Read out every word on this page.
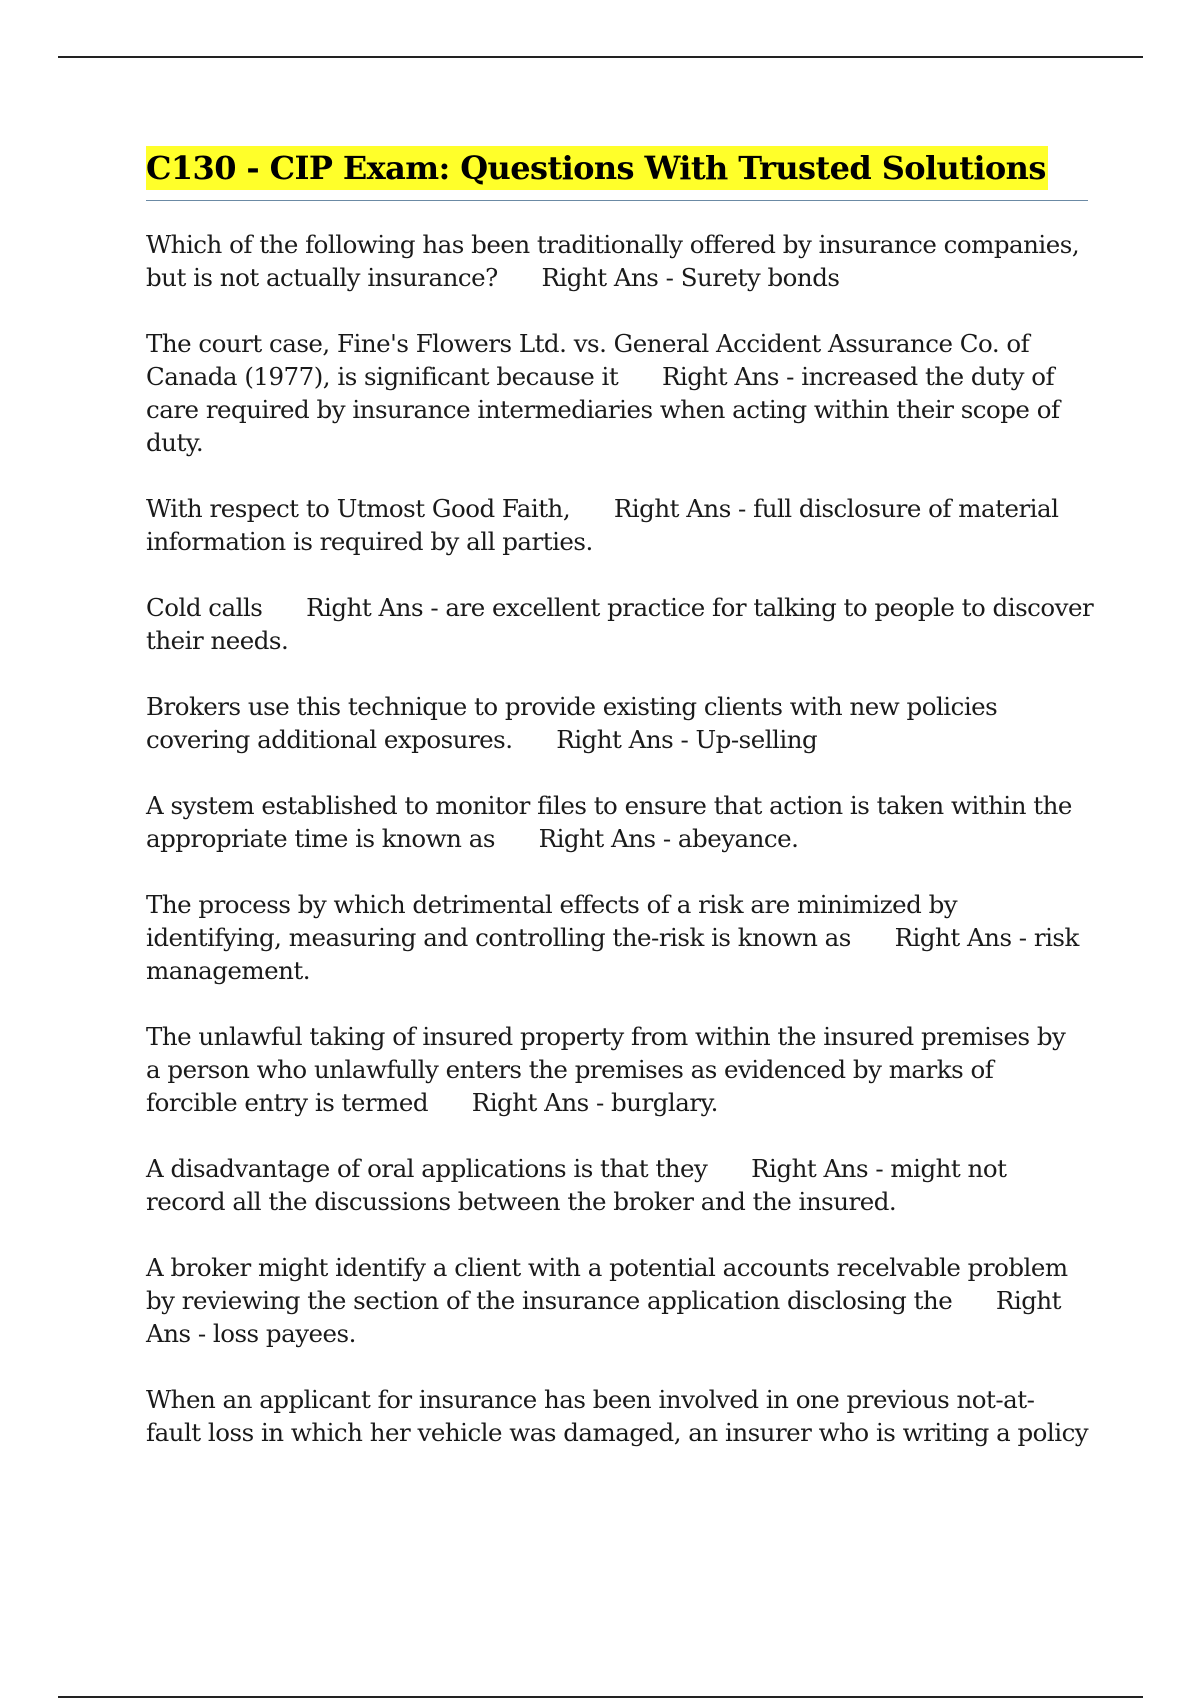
C130 - CIP Exam: Questions With Trusted Solutions

Which of the following has been traditionally offered by insurance companies,
but is not actually insurance?      Right Ans - Surety bonds

The court case, Fine's Flowers Ltd. vs. General Accident Assurance Co. of
Canada (1977), is significant because it      Right Ans - increased the duty of
care required by insurance intermediaries when acting within their scope of
duty.

With respect to Utmost Good Faith,      Right Ans - full disclosure of material
information is required by all parties.

Cold calls      Right Ans - are excellent practice for talking to people to discover
their needs.

Brokers use this technique to provide existing clients with new policies
covering additional exposures.      Right Ans - Up-selling

A system established to monitor files to ensure that action is taken within the
appropriate time is known as      Right Ans - abeyance.

The process by which detrimental effects of a risk are minimized by
identifying, measuring and controlling the-risk is known as      Right Ans - risk
management.

The unlawful taking of insured property from within the insured premises by
a person who unlawfully enters the premises as evidenced by marks of
forcible entry is termed      Right Ans - burglary.

A disadvantage of oral applications is that they      Right Ans - might not
record all the discussions between the broker and the insured.

A broker might identify a client with a potential accounts recelvable problem
by reviewing the section of the insurance application disclosing the      Right
Ans - loss payees.

When an applicant for insurance has been involved in one previous not-at-
fault loss in which her vehicle was damaged, an insurer who is writing a policy
